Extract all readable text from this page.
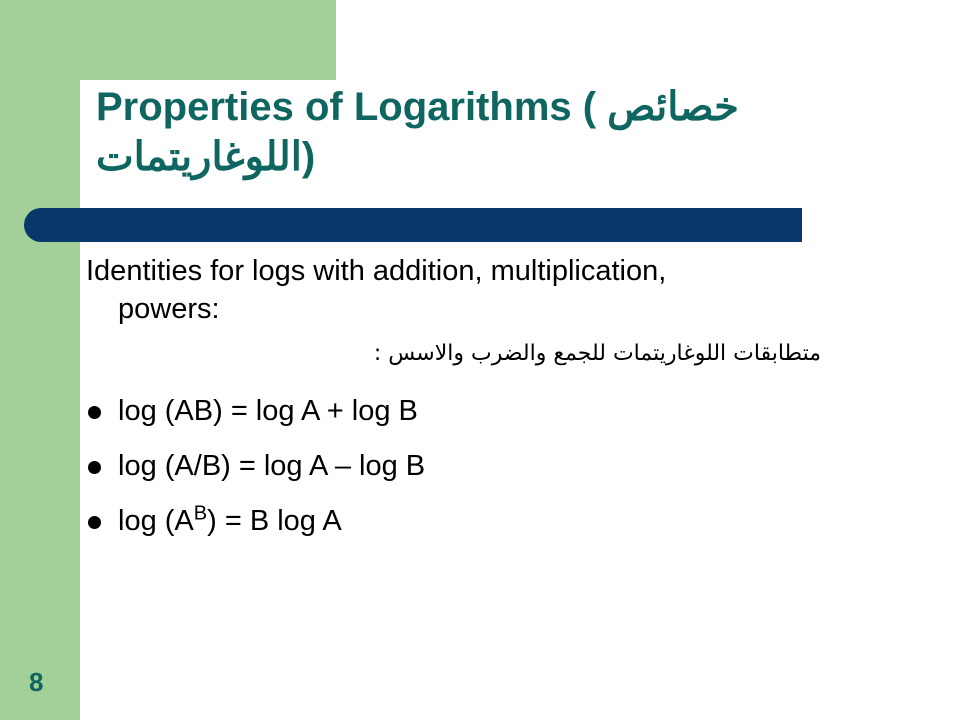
Properties of Logarithms ( خصائص
اللوغاريتمات)

Identities for logs with addition, multiplication,
powers:

متطابقات اللوغاريتمات للجمع والضرب والاسس :
log (AB) = log A + log B
log (A/B) = log A – log B
$\log (A^B) = B$ log A
8
